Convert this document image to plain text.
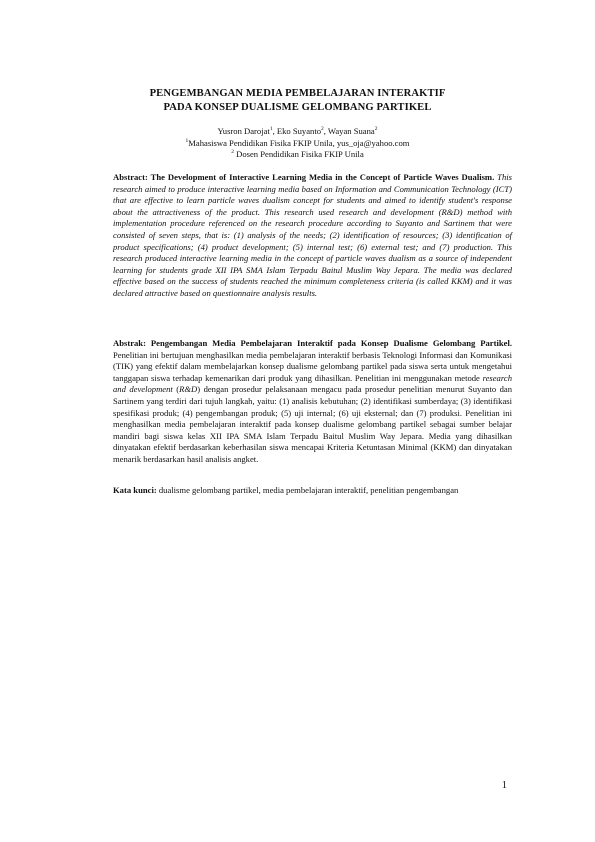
PENGEMBANGAN MEDIA PEMBELAJARAN INTERAKTIF
PADA KONSEP DUALISME GELOMBANG PARTIKEL
Yusron Darojat$^1$, Eko Suyanto$^2$, Wayan Suana$^2$
$^1$Mahasiswa Pendidikan Fisika FKIP Unila, yus_oja@yahoo.com
$^2$ Dosen Pendidikan Fisika FKIP Unila
Abstract: The Development of Interactive Learning Media in the Concept of Particle Waves Dualism. This research aimed to produce interactive learning media based on Information and Communication Technology (ICT) that are effective to learn particle waves dualism concept for students and aimed to identify student's response about the attractiveness of the product. This research used research and development (R&D) method with implementation procedure referenced on the research procedure according to Suyanto and Sartinem that were consisted of seven steps, that is: (1) analysis of the needs; (2) identification of resources; (3) identification of product specifications; (4) product development; (5) internal test; (6) external test; and (7) production. This research produced interactive learning media in the concept of particle waves dualism as a source of independent learning for students grade XII IPA SMA Islam Terpadu Baitul Muslim Way Jepara. The media was declared effective based on the success of students reached the minimum completeness criteria (is called KKM) and it was declared attractive based on questionnaire analysis results.
Abstrak: Pengembangan Media Pembelajaran Interaktif pada Konsep Dualisme Gelombang Partikel. Penelitian ini bertujuan menghasilkan media pembelajaran interaktif berbasis Teknologi Informasi dan Komunikasi (TIK) yang efektif dalam membelajarkan konsep dualisme gelombang partikel pada siswa serta untuk mengetahui tanggapan siswa terhadap kemenarikan dari produk yang dihasilkan. Penelitian ini menggunakan metode research and development (R&D) dengan prosedur pelaksanaan mengacu pada prosedur penelitian menurut Suyanto dan Sartinem yang terdiri dari tujuh langkah, yaitu: (1) analisis kebutuhan; (2) identifikasi sumberdaya; (3) identifikasi spesifikasi produk; (4) pengembangan produk; (5) uji internal; (6) uji eksternal; dan (7) produksi. Penelitian ini menghasilkan media pembelajaran interaktif pada konsep dualisme gelombang partikel sebagai sumber belajar mandiri bagi siswa kelas XII IPA SMA Islam Terpadu Baitul Muslim Way Jepara. Media yang dihasilkan dinyatakan efektif berdasarkan keberhasilan siswa mencapai Kriteria Ketuntasan Minimal (KKM) dan dinyatakan menarik berdasarkan hasil analisis angket.
Kata kunci: dualisme gelombang partikel, media pembelajaran interaktif, penelitian pengembangan
1
